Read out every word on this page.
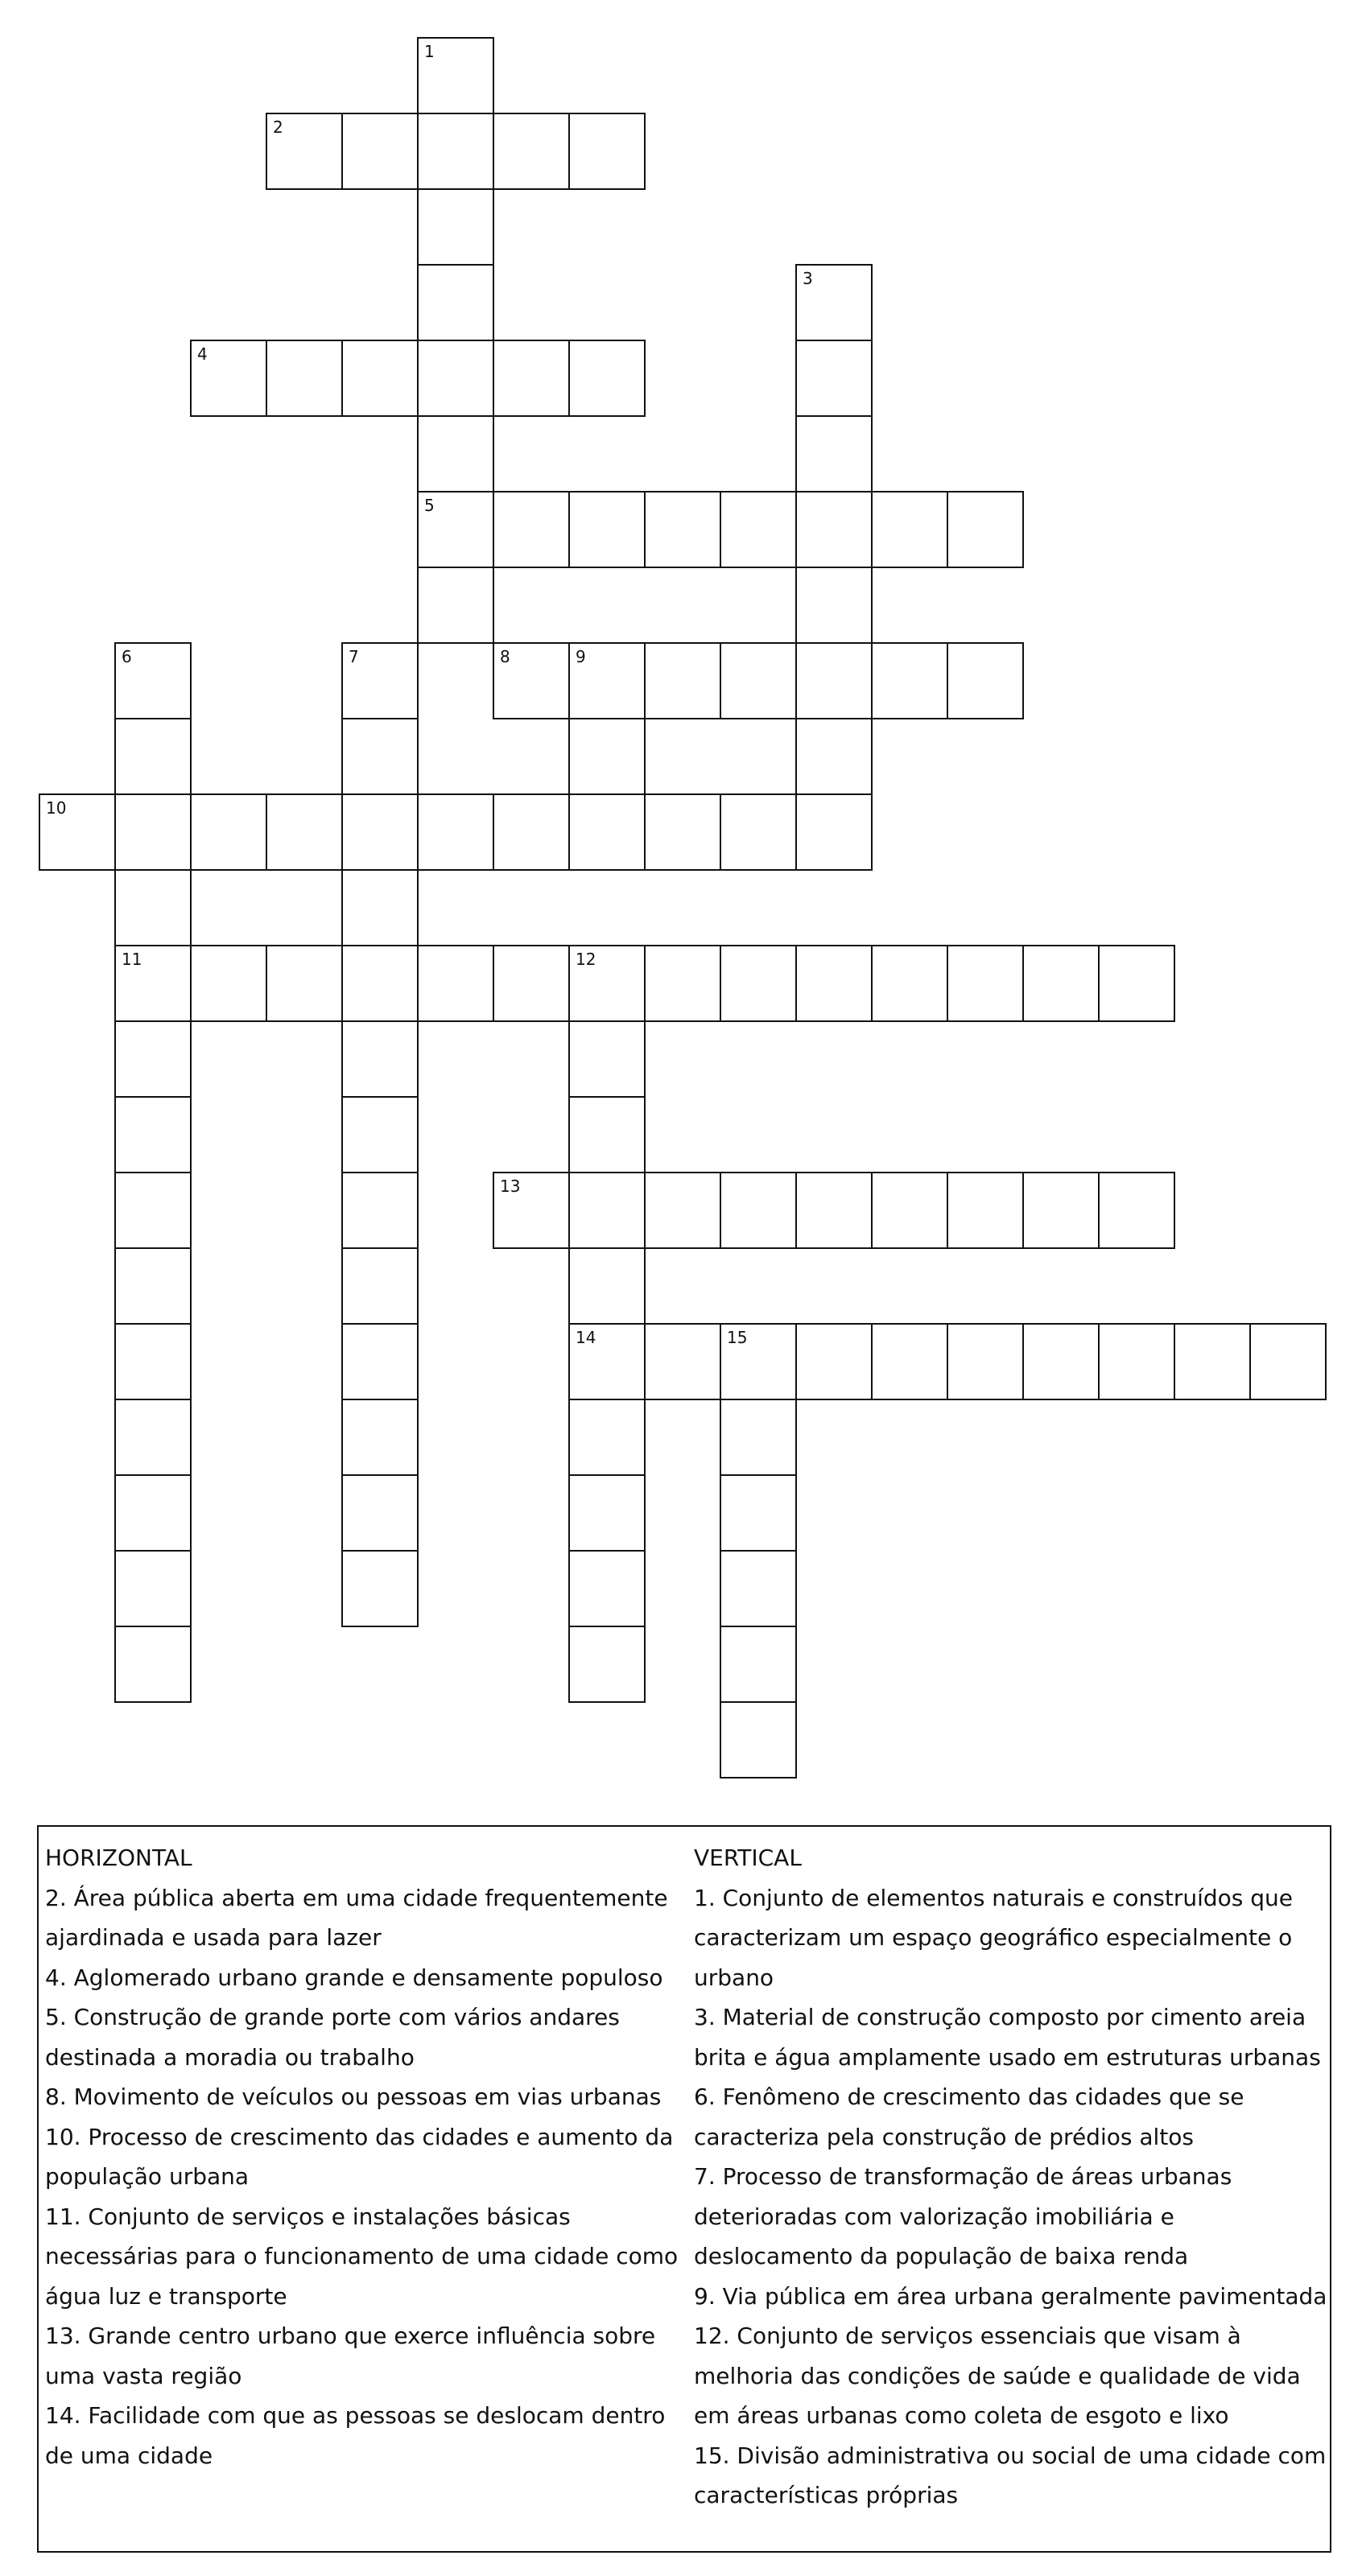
1
2
3
4
5
6	7	8	9
10
11	12
13
14	15
HORIZONTAL

2. Área pública aberta em uma cidade frequentemente ajardinada e usada para lazer

4. Aglomerado urbano grande e densamente populoso

5. Construção de grande porte com vários andares destinada a moradia ou trabalho

8. Movimento de veículos ou pessoas em vias urbanas

10. Processo de crescimento das cidades e aumento da população urbana

11. Conjunto de serviços e instalações básicas necessárias para o funcionamento de uma cidade como água luz e transporte

13. Grande centro urbano que exerce influência sobre uma vasta região

14. Facilidade com que as pessoas se deslocam dentro de uma cidade

VERTICAL

1. Conjunto de elementos naturais e construídos que caracterizam um espaço geográfico especialmente o urbano

3. Material de construção composto por cimento areia brita e água amplamente usado em estruturas urbanas

6. Fenômeno de crescimento das cidades que se caracteriza pela construção de prédios altos

7. Processo de transformação de áreas urbanas deterioradas com valorização imobiliária e deslocamento da população de baixa renda

9. Via pública em área urbana geralmente pavimentada

12. Conjunto de serviços essenciais que visam à melhoria das condições de saúde e qualidade de vida em áreas urbanas como coleta de esgoto e lixo

15. Divisão administrativa ou social de uma cidade com características próprias
